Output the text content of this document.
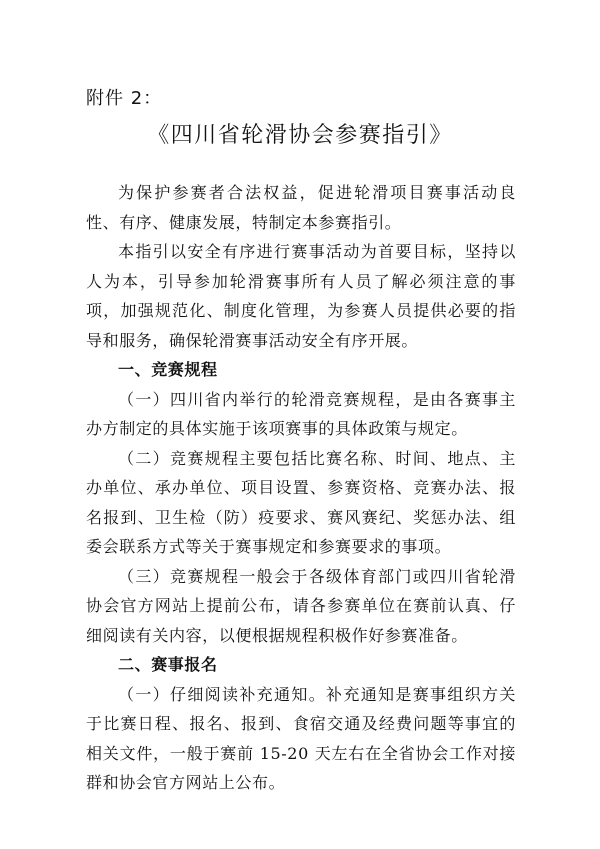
附件 2：
《四川省轮滑协会参赛指引》

为保护参赛者合法权益，促进轮滑项目赛事活动良性、有序、健康发展，特制定本参赛指引。

本指引以安全有序进行赛事活动为首要目标，坚持以人为本，引导参加轮滑赛事所有人员了解必须注意的事项，加强规范化、制度化管理，为参赛人员提供必要的指导和服务，确保轮滑赛事活动安全有序开展。

一、竞赛规程

（一）四川省内举行的轮滑竞赛规程，是由各赛事主办方制定的具体实施于该项赛事的具体政策与规定。

（二）竞赛规程主要包括比赛名称、时间、地点、主办单位、承办单位、项目设置、参赛资格、竞赛办法、报名报到、卫生检（防）疫要求、赛风赛纪、奖惩办法、组委会联系方式等关于赛事规定和参赛要求的事项。

（三）竞赛规程一般会于各级体育部门或四川省轮滑协会官方网站上提前公布，请各参赛单位在赛前认真、仔细阅读有关内容，以便根据规程积极作好参赛准备。

二、赛事报名

（一）仔细阅读补充通知。补充通知是赛事组织方关于比赛日程、报名、报到、食宿交通及经费问题等事宜的相关文件，一般于赛前 15-20 天左右在全省协会工作对接群和协会官方网站上公布。
